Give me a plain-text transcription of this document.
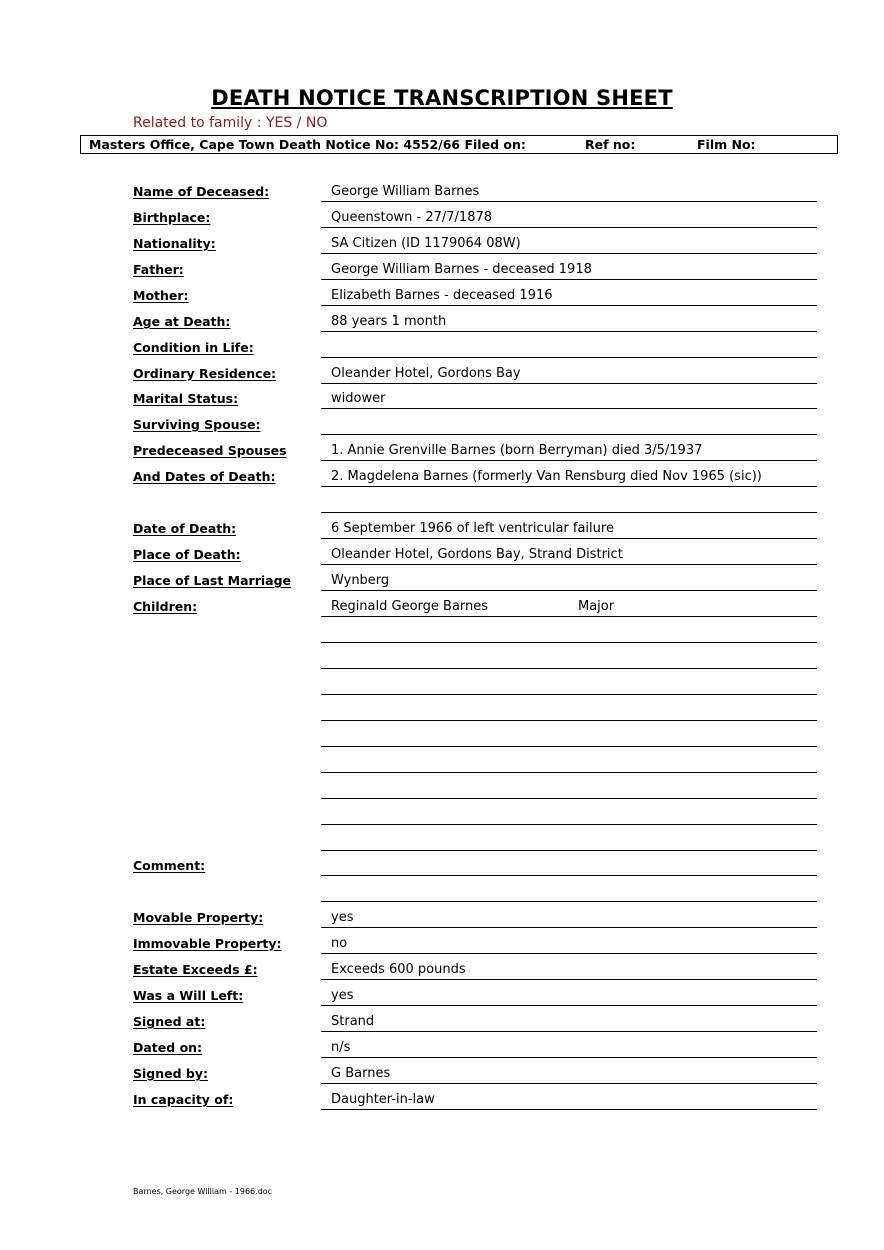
DEATH NOTICE TRANSCRIPTION SHEET
Related to family : YES / NO
Masters Office, Cape Town Death Notice No: 4552/66 Filed on:	Ref no:	Film No:
Name of Deceased:	George William Barnes
Birthplace:	Queenstown - 27/7/1878
Nationality:	SA Citizen (ID 1179064 08W)
Father:	George William Barnes - deceased 1918
Mother:	Elizabeth Barnes - deceased 1916
Age at Death:	88 years 1 month
Condition in Life:
Ordinary Residence:	Oleander Hotel, Gordons Bay
Marital Status:	widower
Surviving Spouse:
Predeceased Spouses	1. Annie Grenville Barnes (born Berryman) died 3/5/1937
And Dates of Death:	2. Magdelena Barnes (formerly Van Rensburg died Nov 1965 (sic))
Date of Death:	6 September 1966 of left ventricular failure
Place of Death:	Oleander Hotel, Gordons Bay, Strand District
Place of Last Marriage	Wynberg
Children:	Reginald George Barnes	Major
Comment:
Movable Property:	yes
Immovable Property:	no
Estate Exceeds £:	Exceeds 600 pounds
Was a Will Left:	yes
Signed at:	Strand
Dated on:	n/s
Signed by:	G Barnes
In capacity of:	Daughter-in-law
Barnes, George William - 1966.doc
